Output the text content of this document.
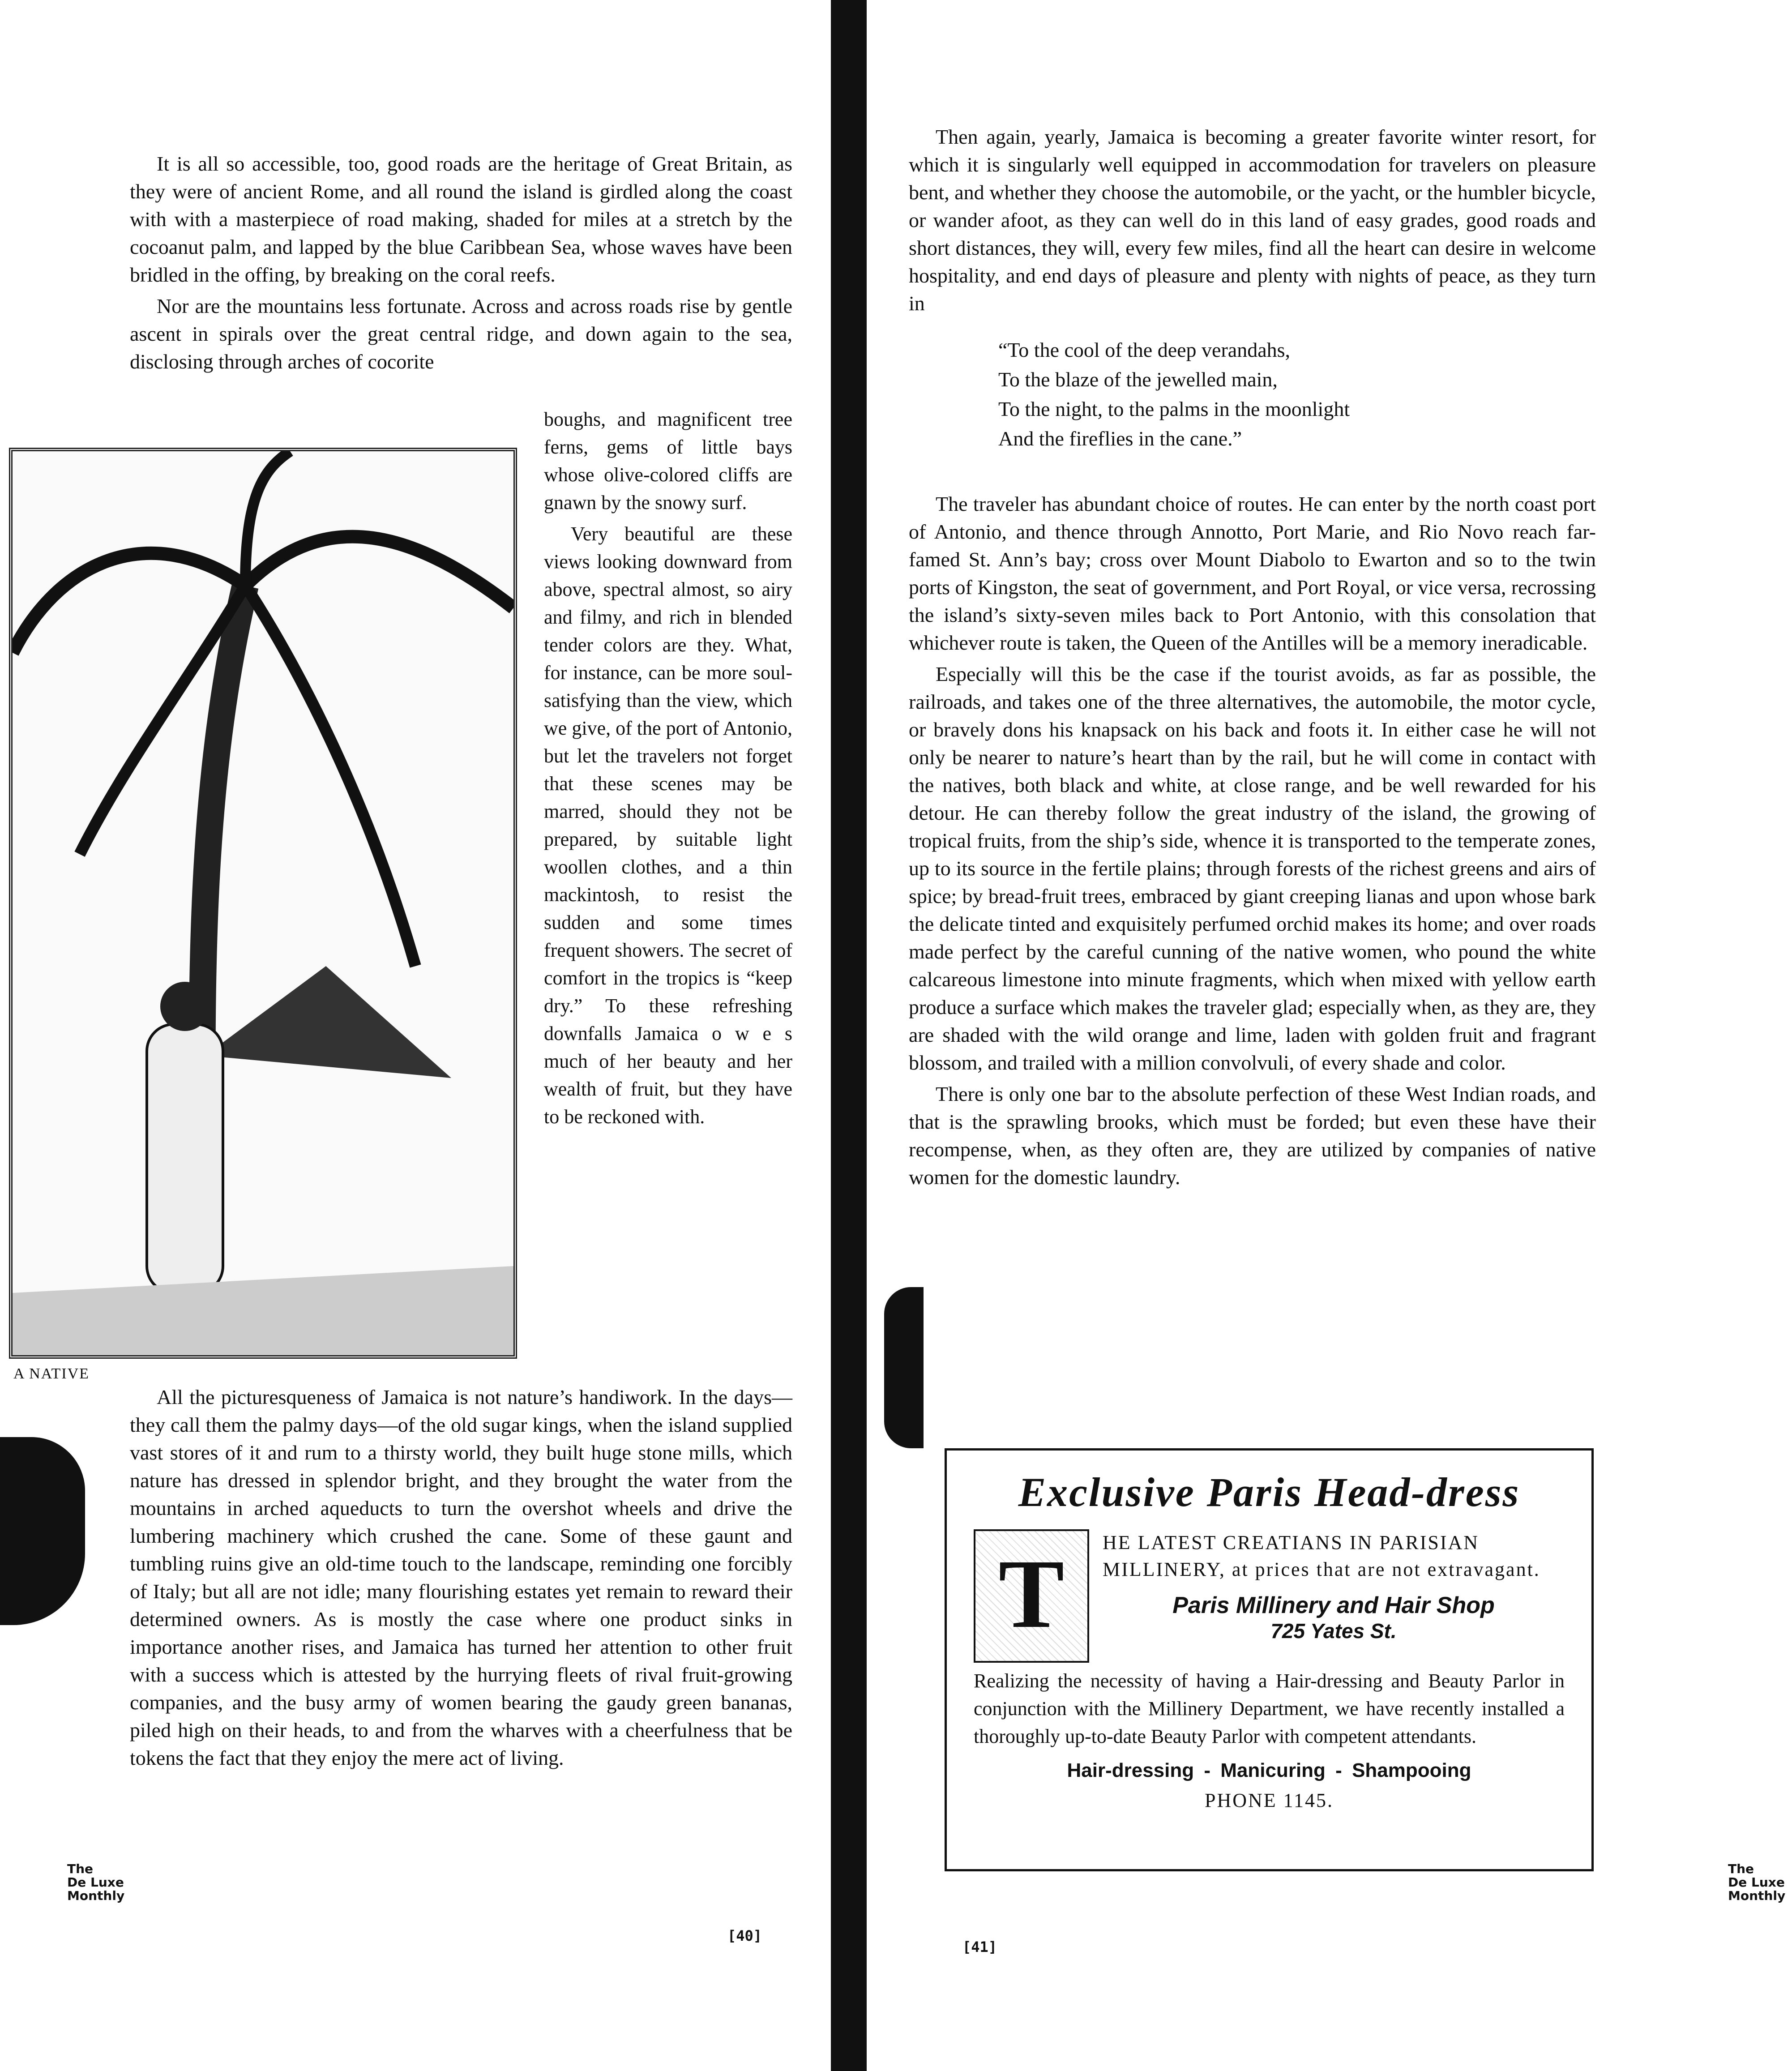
It is all so accessible, too, good roads are the heritage of Great Britain, as they were of ancient Rome, and all round the island is girdled along the coast with with a masterpiece of road making, shaded for miles at a stretch by the cocoanut palm, and lapped by the blue Caribbean Sea, whose waves have been bridled in the offing, by breaking on the coral reefs.

Nor are the mountains less fortunate. Across and across roads rise by gentle ascent in spirals over the great central ridge, and down again to the sea, disclosing through arches of cocorite

A NATIVE

boughs, and magnificent tree ferns, gems of little bays whose olive-colored cliffs are gnawn by the snowy surf.

Very beautiful are these views looking downward from above, spectral almost, so airy and filmy, and rich in blended tender colors are they. What, for instance, can be more soul-satisfying than the view, which we give, of the port of Antonio, but let the travelers not forget that these scenes may be marred, should they not be prepared, by suitable light woollen clothes, and a thin mackintosh, to resist the sudden and some times frequent showers. The secret of comfort in the tropics is “keep dry.” To these refreshing downfalls Jamaica o w e s much of her beauty and her wealth of fruit, but they have to be reckoned with.

All the picturesqueness of Jamaica is not nature’s handiwork. In the days—they call them the palmy days—of the old sugar kings, when the island supplied vast stores of it and rum to a thirsty world, they built huge stone mills, which nature has dressed in splendor bright, and they brought the water from the mountains in arched aqueducts to turn the overshot wheels and drive the lumbering machinery which crushed the cane. Some of these gaunt and tumbling ruins give an old-time touch to the landscape, reminding one forcibly of Italy; but all are not idle; many flourishing estates yet remain to reward their determined owners. As is mostly the case where one product sinks in importance another rises, and Jamaica has turned her attention to other fruit with a success which is attested by the hurrying fleets of rival fruit-growing companies, and the busy army of women bearing the gaudy green bananas, piled high on their heads, to and from the wharves with a cheerfulness that be tokens the fact that they enjoy the mere act of living.

The
De Luxe
Monthly
[40]

Then again, yearly, Jamaica is becoming a greater favorite winter resort, for which it is singularly well equipped in accommodation for travelers on pleasure bent, and whether they choose the automobile, or the yacht, or the humbler bicycle, or wander afoot, as they can well do in this land of easy grades, good roads and short distances, they will, every few miles, find all the heart can desire in welcome hospitality, and end days of pleasure and plenty with nights of peace, as they turn in

“To the cool of the deep verandahs,
To the blaze of the jewelled main,
To the night, to the palms in the moonlight
And the fireflies in the cane.”

The traveler has abundant choice of routes. He can enter by the north coast port of Antonio, and thence through Annotto, Port Marie, and Rio Novo reach far-famed St. Ann’s bay; cross over Mount Diabolo to Ewarton and so to the twin ports of Kingston, the seat of government, and Port Royal, or vice versa, recrossing the island’s sixty-seven miles back to Port Antonio, with this consolation that whichever route is taken, the Queen of the Antilles will be a memory ineradicable.

Especially will this be the case if the tourist avoids, as far as possible, the railroads, and takes one of the three alternatives, the automobile, the motor cycle, or bravely dons his knapsack on his back and foots it. In either case he will not only be nearer to nature’s heart than by the rail, but he will come in contact with the natives, both black and white, at close range, and be well rewarded for his detour. He can thereby follow the great industry of the island, the growing of tropical fruits, from the ship’s side, whence it is transported to the temperate zones, up to its source in the fertile plains; through forests of the richest greens and airs of spice; by bread-fruit trees, embraced by giant creeping lianas and upon whose bark the delicate tinted and exquisitely perfumed orchid makes its home; and over roads made perfect by the careful cunning of the native women, who pound the white calcareous limestone into minute fragments, which when mixed with yellow earth produce a surface which makes the traveler glad; especially when, as they are, they are shaded with the wild orange and lime, laden with golden fruit and fragrant blossom, and trailed with a million convolvuli, of every shade and color.

There is only one bar to the absolute perfection of these West Indian roads, and that is the sprawling brooks, which must be forded; but even these have their recompense, when, as they often are, they are utilized by companies of native women for the domestic laundry.

Exclusive Paris Head-dress
T	HE LATEST CREATIANS IN PARISIAN MILLINERY, at prices that are not extravagant.
Paris Millinery and Hair Shop
725 Yates St.
Realizing the necessity of having a Hair-dressing and Beauty Parlor in conjunction with the Millinery Department, we have recently installed a thoroughly up-to-date Beauty Parlor with competent attendants.
Hair-dressing - Manicuring - Shampooing
PHONE 1145.
The
De Luxe
Monthly
[41]
